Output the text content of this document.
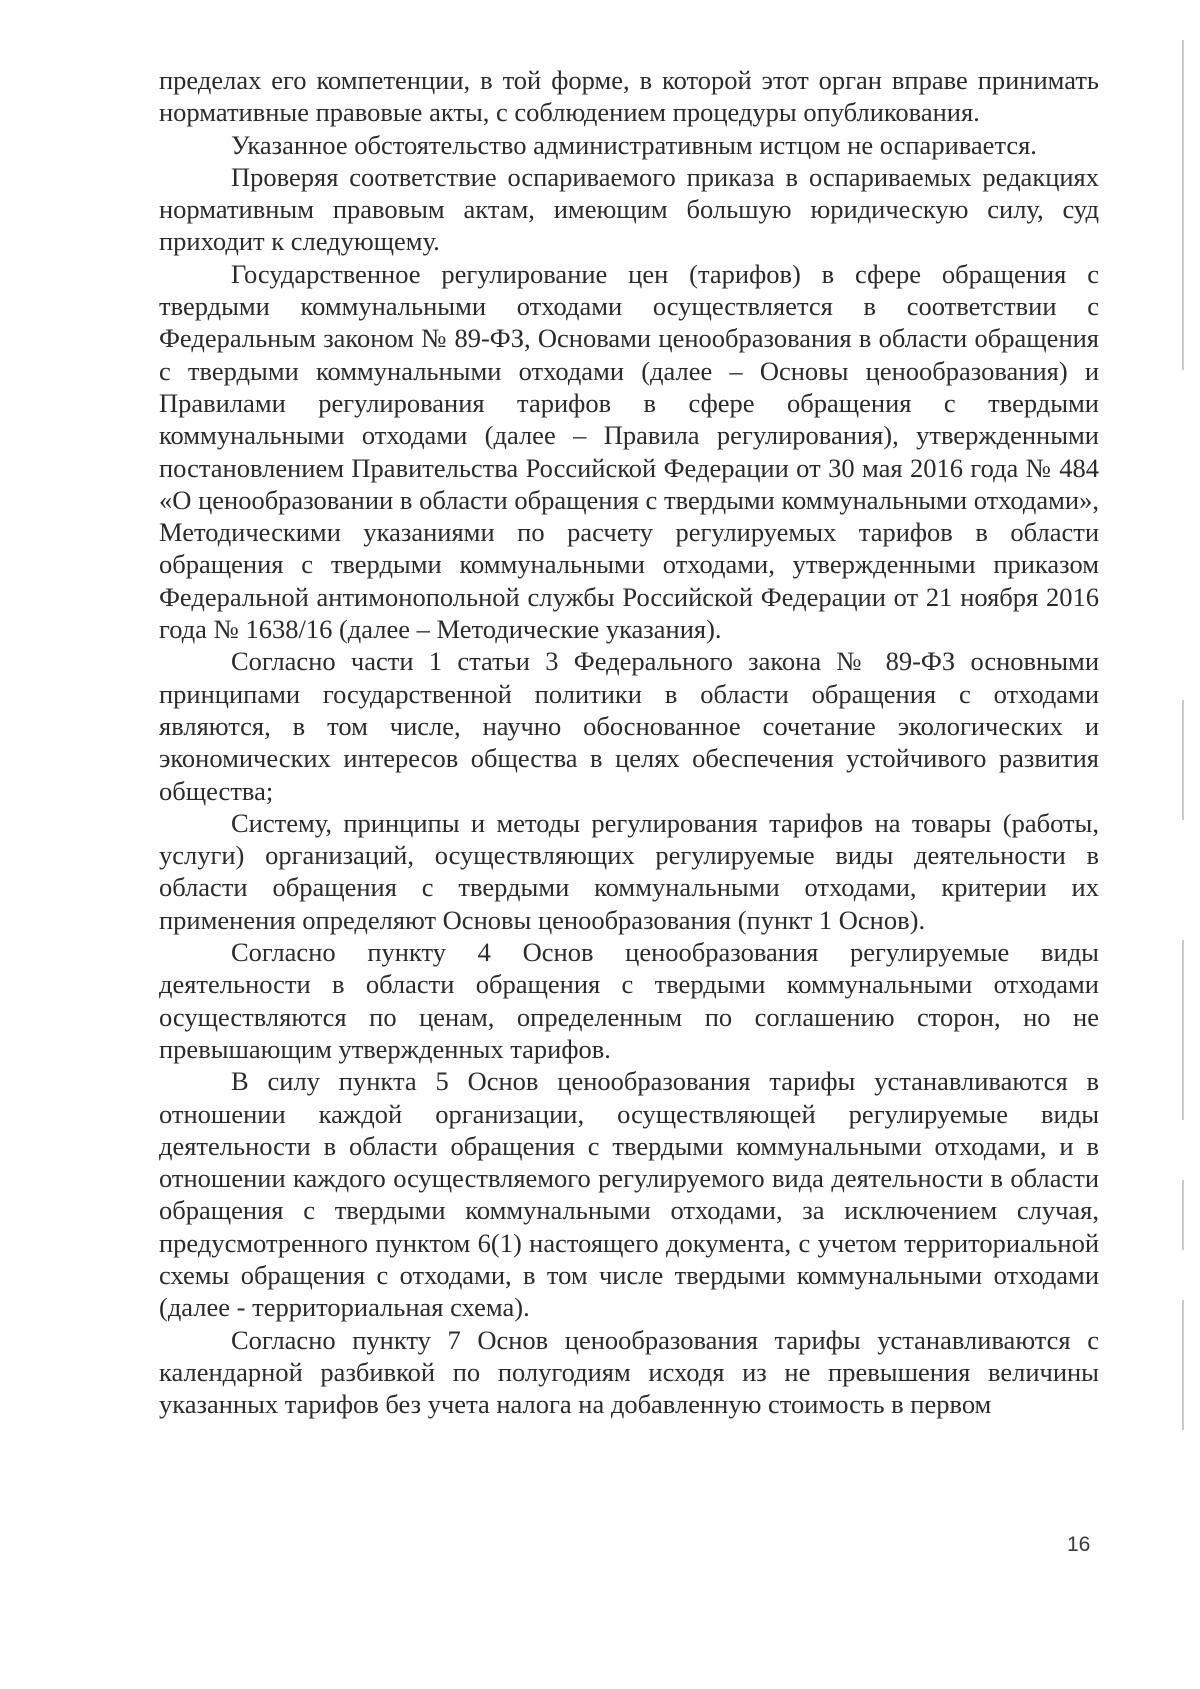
пределах его компетенции, в той форме, в которой этот орган вправе принимать нормативные правовые акты, с соблюдением процедуры опубликования.

Указанное обстоятельство административным истцом не оспаривается.

Проверяя соответствие оспариваемого приказа в оспариваемых редакциях нормативным правовым актам, имеющим большую юридическую силу, суд приходит к следующему.

Государственное регулирование цен (тарифов) в сфере обращения с твердыми коммунальными отходами осуществляется в соответствии с Федеральным законом № 89-ФЗ, Основами ценообразования в области обращения с твердыми коммунальными отходами (далее – Основы ценообразования) и Правилами регулирования тарифов в сфере обращения с твердыми коммунальными отходами (далее – Правила регулирования), утвержденными постановлением Правительства Российской Федерации от 30 мая 2016 года № 484 «О ценообразовании в области обращения с твердыми коммунальными отходами», Методическими указаниями по расчету регулируемых тарифов в области обращения с твердыми коммунальными отходами, утвержденными приказом Федеральной антимонопольной службы Российской Федерации от 21 ноября 2016 года № 1638/16 (далее – Методические указания).

Согласно части 1 статьи 3 Федерального закона № 89-ФЗ основными принципами государственной политики в области обращения с отходами являются, в том числе, научно обоснованное сочетание экологических и экономических интересов общества в целях обеспечения устойчивого развития общества;

Систему, принципы и методы регулирования тарифов на товары (работы, услуги) организаций, осуществляющих регулируемые виды деятельности в области обращения с твердыми коммунальными отходами, критерии их применения определяют Основы ценообразования (пункт 1 Основ).

Согласно пункту 4 Основ ценообразования регулируемые виды деятельности в области обращения с твердыми коммунальными отходами осуществляются по ценам, определенным по соглашению сторон, но не превышающим утвержденных тарифов.

В силу пункта 5 Основ ценообразования тарифы устанавливаются в отношении каждой организации, осуществляющей регулируемые виды деятельности в области обращения с твердыми коммунальными отходами, и в отношении каждого осуществляемого регулируемого вида деятельности в области обращения с твердыми коммунальными отходами, за исключением случая, предусмотренного пунктом 6(1) настоящего документа, с учетом территориальной схемы обращения с отходами, в том числе твердыми коммунальными отходами (далее - территориальная схема).

Согласно пункту 7 Основ ценообразования тарифы устанавливаются с календарной разбивкой по полугодиям исходя из не превышения величины указанных тарифов без учета налога на добавленную стоимость в первом

16
